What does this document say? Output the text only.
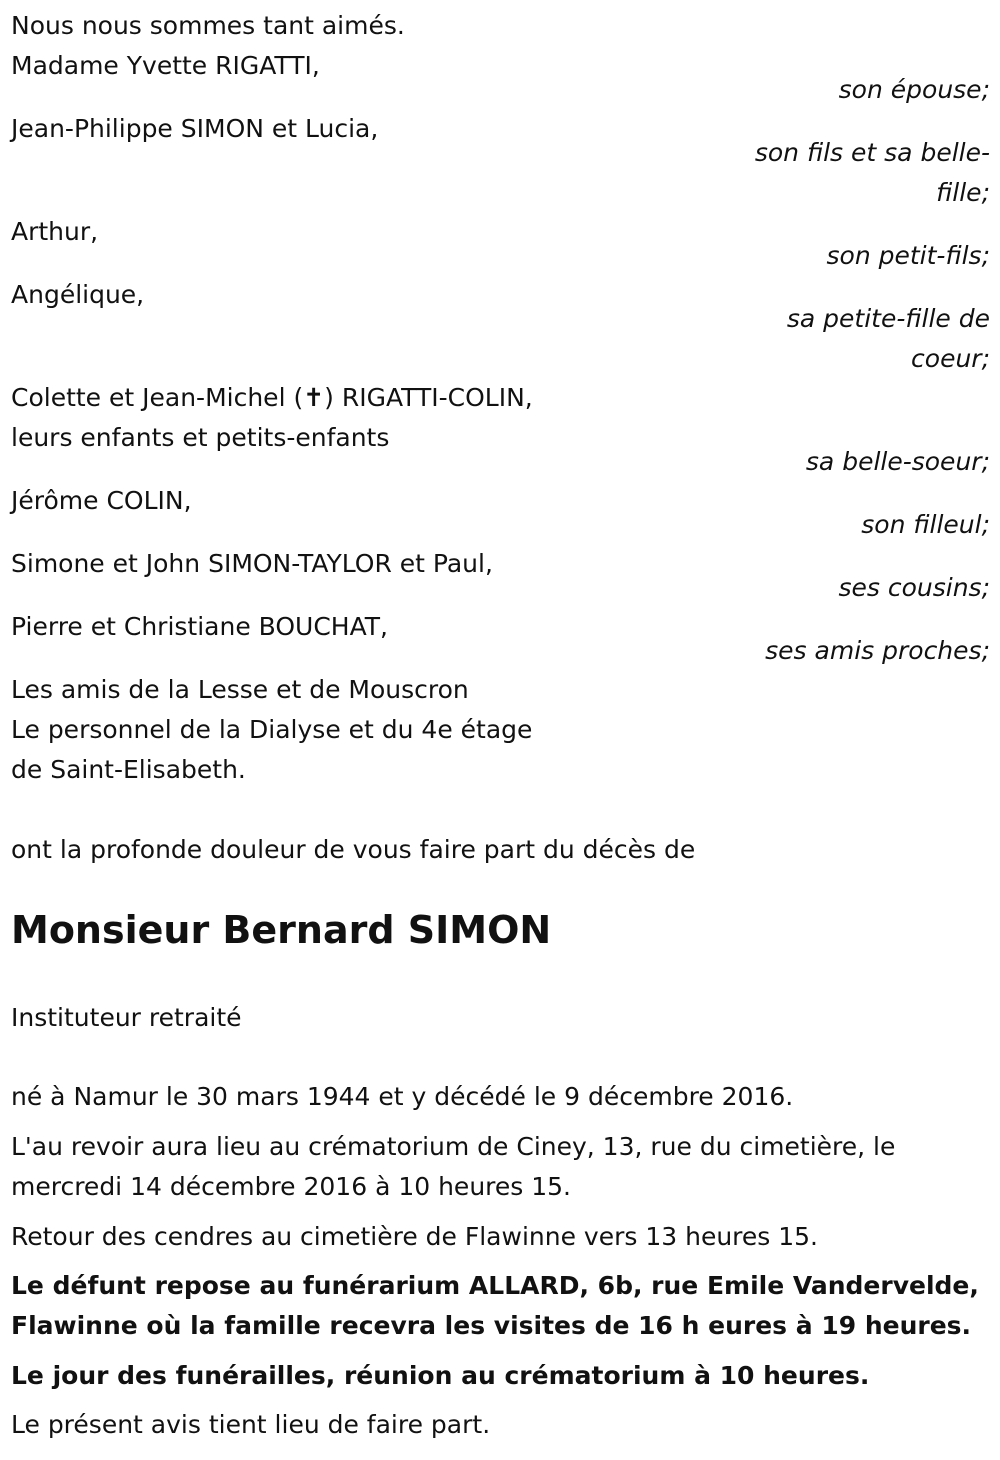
Nous nous sommes tant aimés.
Madame Yvette RIGATTI,
son épouse;
Jean-Philippe SIMON et Lucia,
son fils et sa belle-
fille;
Arthur,
son petit-fils;
Angélique,
sa petite-fille de
coeur;
Colette et Jean-Michel (✝) RIGATTI-COLIN,
leurs enfants et petits-enfants
sa belle-soeur;
Jérôme COLIN,
son filleul;
Simone et John SIMON-TAYLOR et Paul,
ses cousins;
Pierre et Christiane BOUCHAT,
ses amis proches;
Les amis de la Lesse et de Mouscron
Le personnel de la Dialyse et du 4e étage
de Saint-Elisabeth.
ont la profonde douleur de vous faire part du décès de
Monsieur Bernard SIMON
Instituteur retraité
né à Namur le 30 mars 1944 et y décédé le 9 décembre 2016.
L'au revoir aura lieu au crématorium de Ciney, 13, rue du cimetière, le
mercredi 14 décembre 2016 à 10 heures 15.
Retour des cendres au cimetière de Flawinne vers 13 heures 15.
Le défunt repose au funérarium ALLARD, 6b, rue Emile Vandervelde,
Flawinne où la famille recevra les visites de 16 h eures à 19 heures.
Le jour des funérailles, réunion au crématorium à 10 heures.
Le présent avis tient lieu de faire part.
